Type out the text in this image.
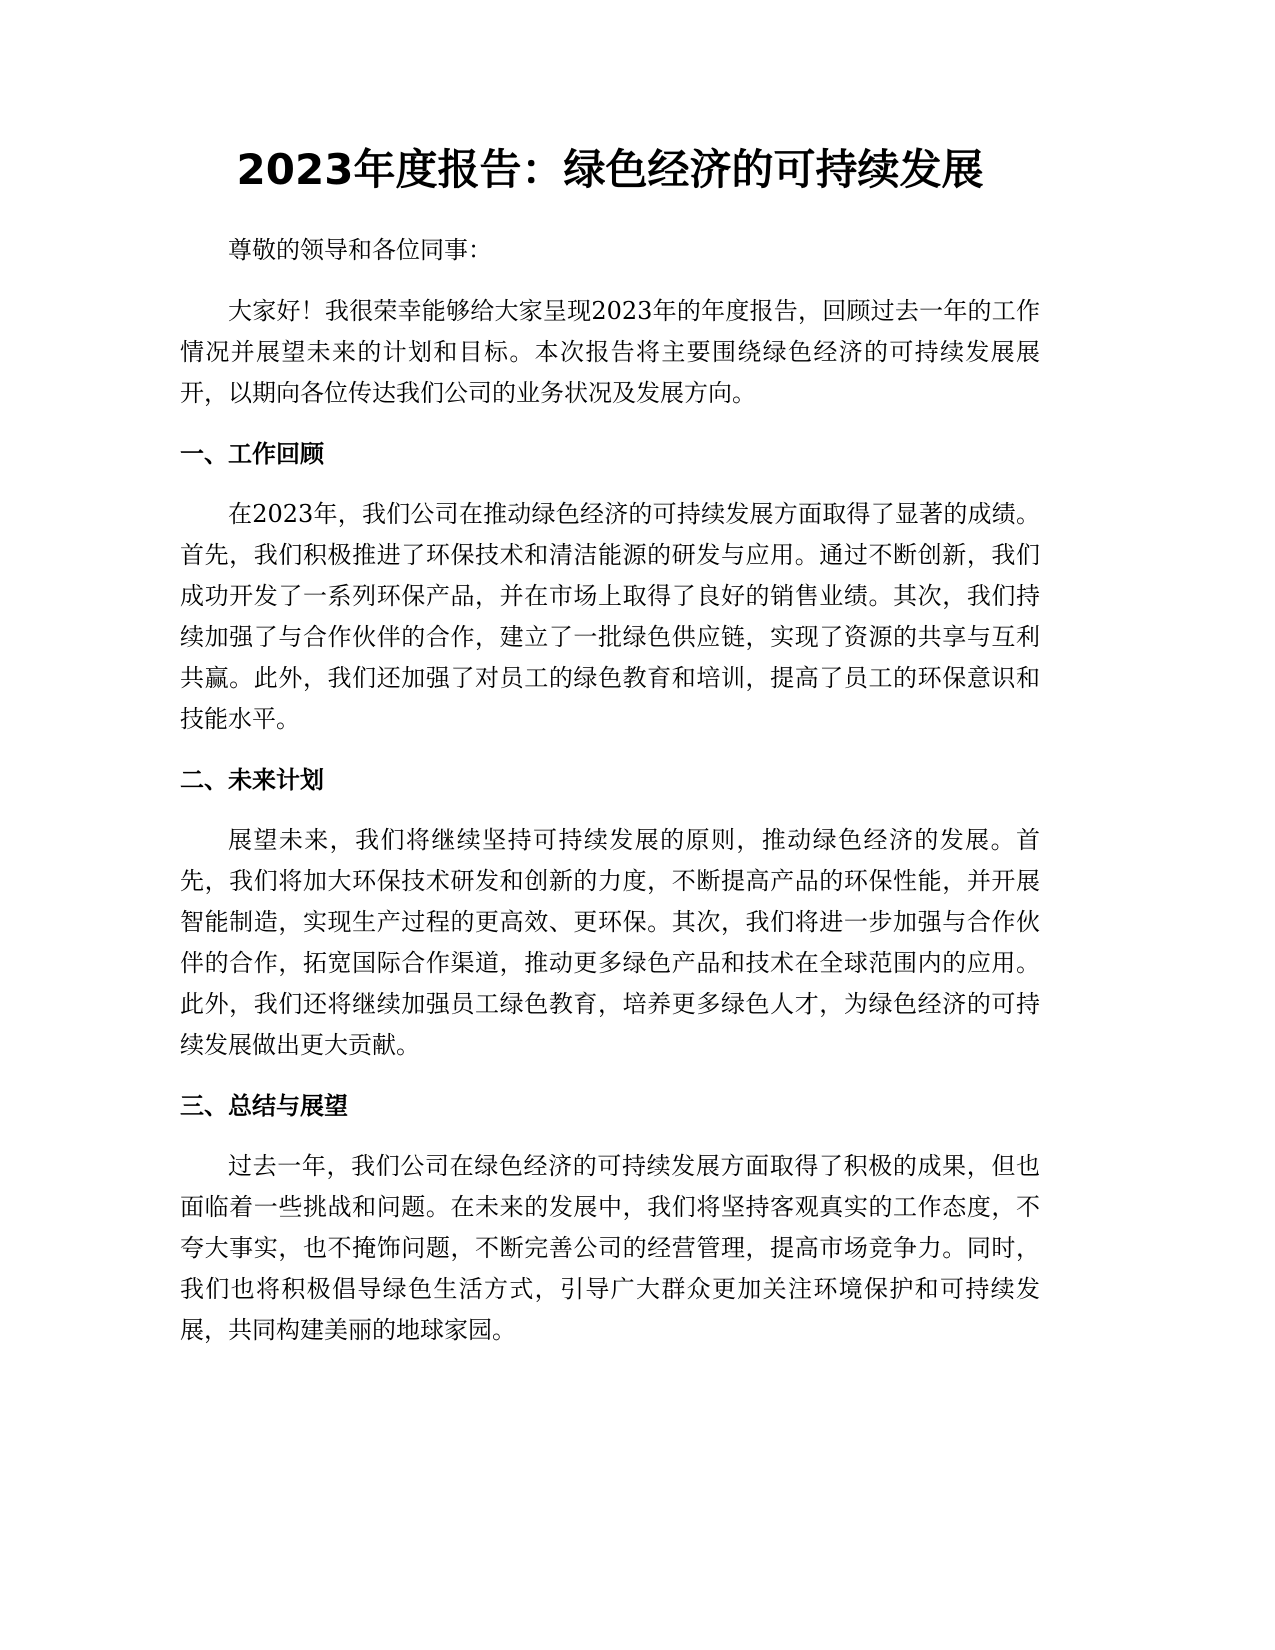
2023年度报告：绿色经济的可持续发展

尊敬的领导和各位同事：

大家好！我很荣幸能够给大家呈现2023年的年度报告，回顾过去一年的工作情况并展望未来的计划和目标。本次报告将主要围绕绿色经济的可持续发展展开，以期向各位传达我们公司的业务状况及发展方向。

一、工作回顾

在2023年，我们公司在推动绿色经济的可持续发展方面取得了显著的成绩。首先，我们积极推进了环保技术和清洁能源的研发与应用。通过不断创新，我们成功开发了一系列环保产品，并在市场上取得了良好的销售业绩。其次，我们持续加强了与合作伙伴的合作，建立了一批绿色供应链，实现了资源的共享与互利共赢。此外，我们还加强了对员工的绿色教育和培训，提高了员工的环保意识和技能水平。

二、未来计划

展望未来，我们将继续坚持可持续发展的原则，推动绿色经济的发展。首先，我们将加大环保技术研发和创新的力度，不断提高产品的环保性能，并开展智能制造，实现生产过程的更高效、更环保。其次，我们将进一步加强与合作伙伴的合作，拓宽国际合作渠道，推动更多绿色产品和技术在全球范围内的应用。此外，我们还将继续加强员工绿色教育，培养更多绿色人才，为绿色经济的可持续发展做出更大贡献。

三、总结与展望

过去一年，我们公司在绿色经济的可持续发展方面取得了积极的成果，但也面临着一些挑战和问题。在未来的发展中，我们将坚持客观真实的工作态度，不夸大事实，也不掩饰问题，不断完善公司的经营管理，提高市场竞争力。同时，我们也将积极倡导绿色生活方式，引导广大群众更加关注环境保护和可持续发展，共同构建美丽的地球家园。
